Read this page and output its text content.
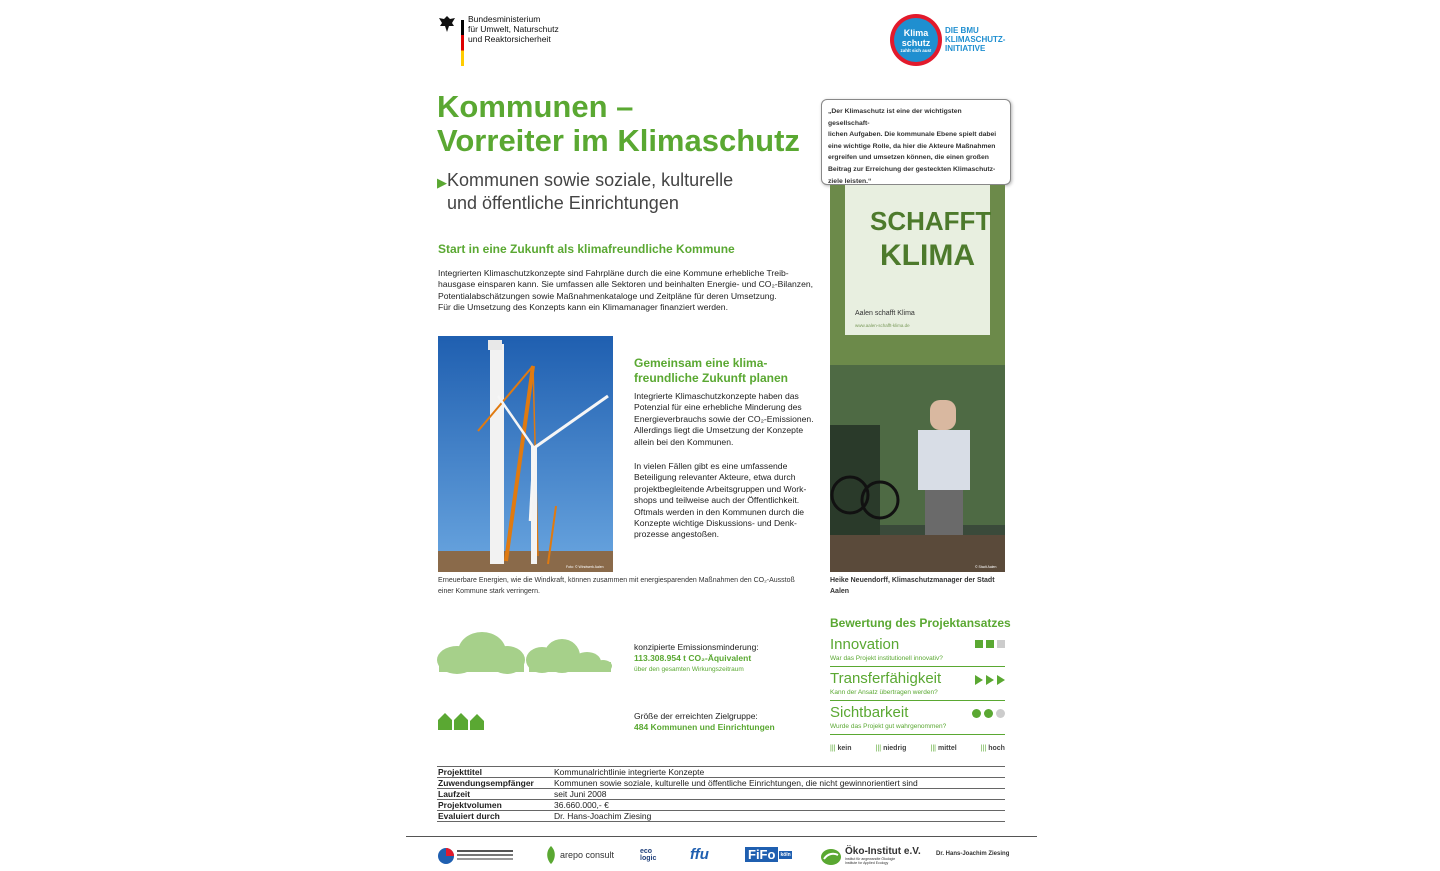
Bundesministerium
für Umwelt, Naturschutz
und Reaktorsicherheit
Klima
schutz
zahlt sich aus!
DIE BMU
KLIMASCHUTZ-
INITIATIVE
Kommunen –
Vorreiter im Klimaschutz
▶ Kommunen sowie soziale, kulturelle
und öffentliche Einrichtungen
Start in eine Zukunft als klimafreundliche Kommune
Integrierten Klimaschutzkonzepte sind Fahrpläne durch die eine Kommune erhebliche Treib-
hausgase einsparen kann. Sie umfassen alle Sektoren und beinhalten Energie- und CO₂-Bilanzen,
Potentialabschätzungen sowie Maßnahmenkataloge und Zeitpläne für deren Umsetzung.
Für die Umsetzung des Konzepts kann ein Klimamanager finanziert werden.
„Der Klimaschutz ist eine der wichtigsten gesellschaft-
lichen Aufgaben. Die kommunale Ebene spielt dabei
eine wichtige Rolle, da hier die Akteure Maßnahmen
ergreifen und umsetzen können, die einen großen
Beitrag zur Erreichung der gesteckten Klimaschutz-
ziele leisten.“
Foto: © Windwerk Aalen
Gemeinsam eine klima-
freundliche Zukunft planen
Integrierte Klimaschutzkonzepte haben das
Potenzial für eine erhebliche Minderung des
Energieverbrauchs sowie der CO₂-Emissionen.
Allerdings liegt die Umsetzung der Konzepte
allein bei den Kommunen.
In vielen Fällen gibt es eine umfassende
Beteiligung relevanter Akteure, etwa durch
projektbegleitende Arbeitsgruppen und Work-
shops und teilweise auch der Öffentlichkeit.
Oftmals werden in den Kommunen durch die
Konzepte wichtige Diskussions- und Denk-
prozesse angestoßen.
SCHAFFT
KLIMA
Aalen schafft Klima
www.aalen-schafft-klima.de
© Stadt Aalen
Erneuerbare Energien, wie die Windkraft, können zusammen mit energiesparenden Maßnahmen den CO₂-Ausstoß
einer Kommune stark verringern.
Heike Neuendorff, Klimaschutzmanager der Stadt
Aalen
konzipierte Emissionsminderung:
113.308.954 t CO₂-Äquivalent
über den gesamten Wirkungszeitraum
Größe der erreichten Zielgruppe:
484 Kommunen und Einrichtungen
Bewertung des Projektansatzes
Innovation
War das Projekt institutionell innovativ?
Transferfähigkeit
Kann der Ansatz übertragen werden?
Sichtbarkeit
Wurde das Projekt gut wahrgenommen?
||| kein	||| niedrig	||| mittel	||| hoch
Projekttitel	Kommunalrichtlinie integrierte Konzepte
Zuwendungsempfänger	Kommunen sowie soziale, kulturelle und öffentliche Einrichtungen, die nicht gewinnorientiert sind
Laufzeit	seit Juni 2008
Projektvolumen	36.660.000,- €
Evaluiert durch	Dr. Hans-Joachim Ziesing
arepo consult	eco
logic ffu	FiFo	köln	Öko-Institut e.V.
Institut für angewandte Ökologie
Institute for Applied Ecology
Dr. Hans-Joachim Ziesing
